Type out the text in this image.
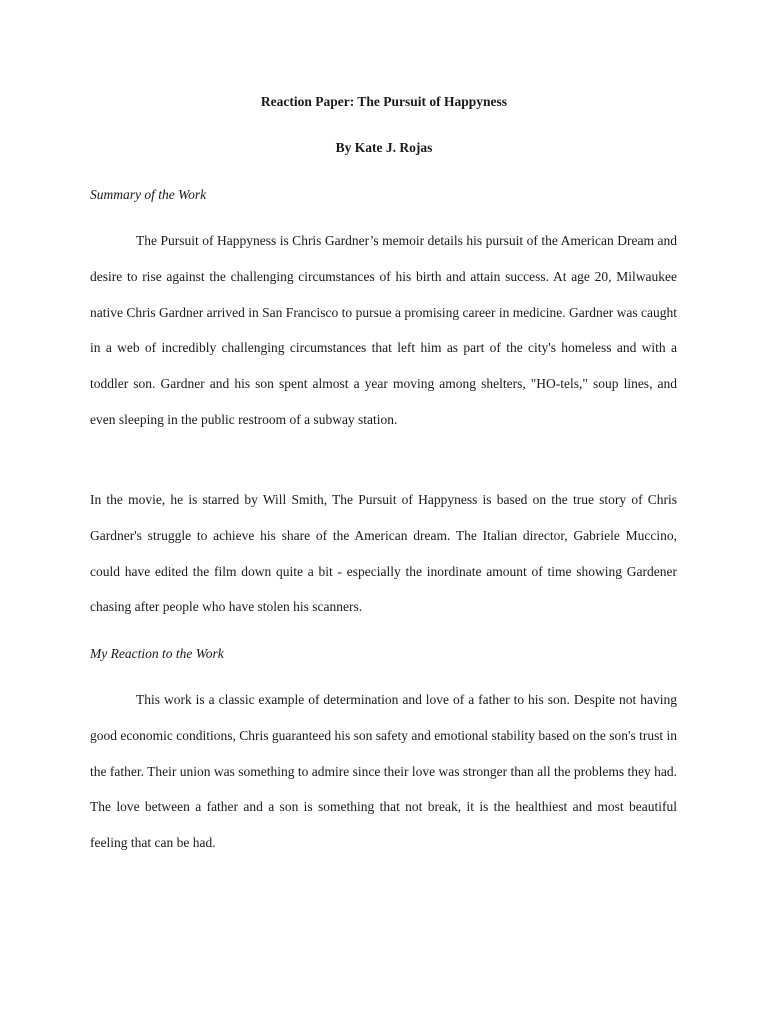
Reaction Paper: The Pursuit of Happyness

By Kate J. Rojas

Summary of the Work

The Pursuit of Happyness is Chris Gardner’s memoir details his pursuit of the American Dream and desire to rise against the challenging circumstances of his birth and attain success. At age 20, Milwaukee native Chris Gardner arrived in San Francisco to pursue a promising career in medicine. Gardner was caught in a web of incredibly challenging circumstances that left him as part of the city's homeless and with a toddler son. Gardner and his son spent almost a year moving among shelters, "HO-tels," soup lines, and even sleeping in the public restroom of a subway station.

In the movie, he is starred by Will Smith, The Pursuit of Happyness is based on the true story of Chris Gardner's struggle to achieve his share of the American dream. The Italian director, Gabriele Muccino, could have edited the film down quite a bit - especially the inordinate amount of time showing Gardener chasing after people who have stolen his scanners.

My Reaction to the Work

This work is a classic example of determination and love of a father to his son. Despite not having good economic conditions, Chris guaranteed his son safety and emotional stability based on the son's trust in the father. Their union was something to admire since their love was stronger than all the problems they had. The love between a father and a son is something that not break, it is the healthiest and most beautiful feeling that can be had.
